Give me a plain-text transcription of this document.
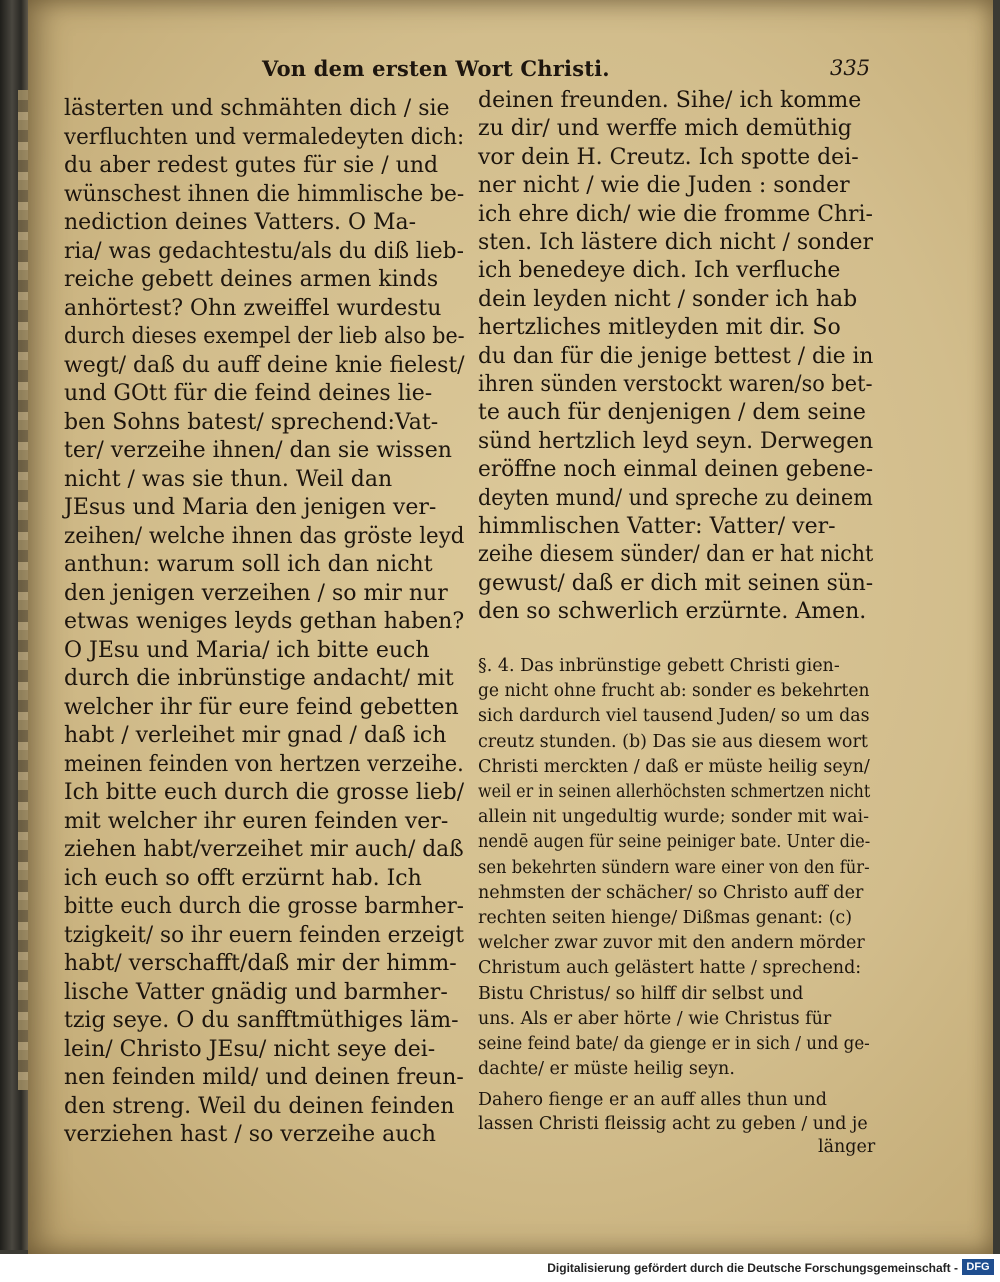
Von dem ersten Wort Christi.	335
lästerten und schmähten dich / sie
verfluchten und vermaledeyten dich:
du aber redest gutes für sie / und
wünschest ihnen die himmlische be-
nediction deines Vatters. O Ma-
ria/ was gedachtestu/als du diß lieb-
reiche gebett deines armen kinds
anhörtest? Ohn zweiffel wurdestu
durch dieses exempel der lieb also be-
wegt/ daß du auff deine knie fielest/
und GOtt für die feind deines lie-
ben Sohns batest/ sprechend:Vat-
ter/ verzeihe ihnen/ dan sie wissen
nicht / was sie thun. Weil dan
JEsus und Maria den jenigen ver-
zeihen/ welche ihnen das gröste leyd
anthun: warum soll ich dan nicht
den jenigen verzeihen / so mir nur
etwas weniges leyds gethan haben?
O JEsu und Maria/ ich bitte euch
durch die inbrünstige andacht/ mit
welcher ihr für eure feind gebetten
habt / verleihet mir gnad / daß ich
meinen feinden von hertzen verzeihe.
Ich bitte euch durch die grosse lieb/
mit welcher ihr euren feinden ver-
ziehen habt/verzeihet mir auch/ daß
ich euch so offt erzürnt hab. Ich
bitte euch durch die grosse barmher-
tzigkeit/ so ihr euern feinden erzeigt
habt/ verschafft/daß mir der himm-
lische Vatter gnädig und barmher-
tzig seye. O du sanfftmüthiges läm-
lein/ Christo JEsu/ nicht seye dei-
nen feinden mild/ und deinen freun-
den streng. Weil du deinen feinden
verziehen hast / so verzeihe auch
deinen freunden. Sihe/ ich komme
zu dir/ und werffe mich demüthig
vor dein H. Creutz. Ich spotte dei-
ner nicht / wie die Juden : sonder
ich ehre dich/ wie die fromme Chri-
sten. Ich lästere dich nicht / sonder
ich benedeye dich. Ich verfluche
dein leyden nicht / sonder ich hab
hertzliches mitleyden mit dir. So
du dan für die jenige bettest / die in
ihren sünden verstockt waren/so bet-
te auch für denjenigen / dem seine
sünd hertzlich leyd seyn. Derwegen
eröffne noch einmal deinen gebene-
deyten mund/ und spreche zu deinem
himmlischen Vatter: Vatter/ ver-
zeihe diesem sünder/ dan er hat nicht
gewust/ daß er dich mit seinen sün-
den so schwerlich erzürnte. Amen.
§. 4. Das inbrünstige gebett Christi gien-
ge nicht ohne frucht ab: sonder es bekehrten
sich dardurch viel tausend Juden/ so um das
creutz stunden. (b) Das sie aus diesem wort
Christi merckten / daß er müste heilig seyn/
weil er in seinen allerhöchsten schmertzen nicht
allein nit ungedultig wurde; sonder mit wai-
nendē augen für seine peiniger bate. Unter die-
sen bekehrten sündern ware einer von den für-
nehmsten der schächer/ so Christo auff der
rechten seiten hienge/ Dißmas genant: (c)
welcher zwar zuvor mit den andern mörder
Christum auch gelästert hatte / sprechend:
Bistu Christus/ so hilff dir selbst und
uns. Als er aber hörte / wie Christus für
seine feind bate/ da gienge er in sich / und ge-
dachte/ er müste heilig seyn.
Dahero fienge er an auff alles thun und
lassen Christi fleissig acht zu geben / und je
länger
Digitalisierung gefördert durch die Deutsche Forschungsgemeinschaft - DFG
